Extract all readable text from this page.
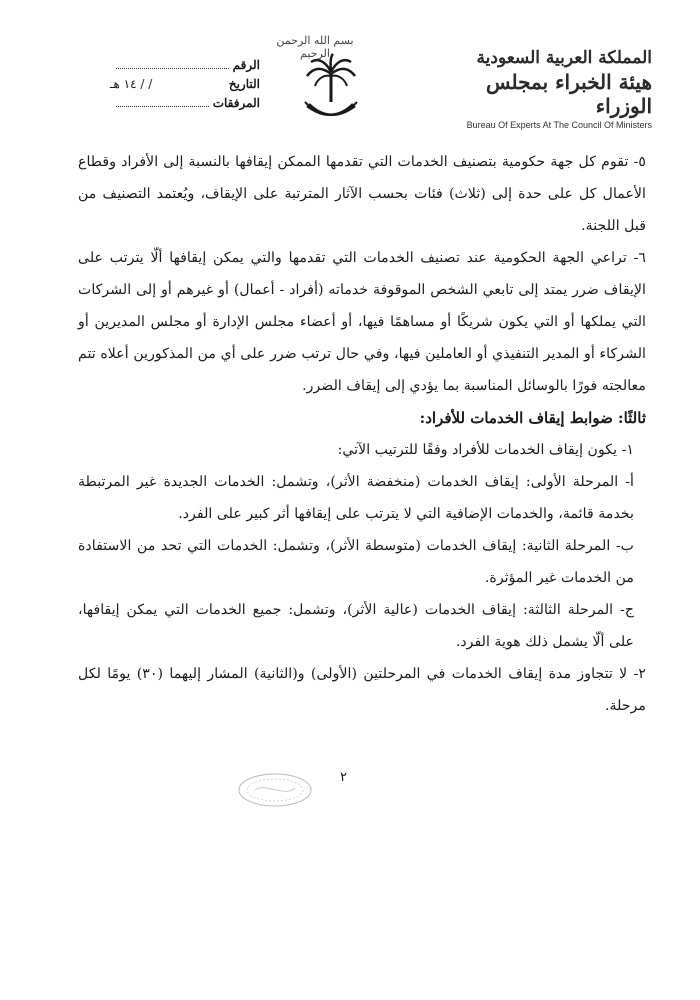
بسم الله الرحمن الرحيم	المملكة العربية السعودية
هيئة الخبراء بمجلس الوزراء
Bureau Of Experts At The Council Of Ministers
الرقم
التاريخ
/ / ١٤ هـ
المرفقات

٥- تقوم كل جهة حكومية بتصنيف الخدمات التي تقدمها الممكن إيقافها بالنسبة إلى الأفراد وقطاع الأعمال كل على حدة إلى (ثلاث) فئات بحسب الآثار المترتبة على الإيقاف، ويُعتمد التصنيف من قبل اللجنة.

٦- تراعي الجهة الحكومية عند تصنيف الخدمات التي تقدمها والتي يمكن إيقافها ألّا يترتب على الإيقاف ضرر يمتد إلى تابعي الشخص الموقوفة خدماته (أفراد - أعمال) أو غيرهم أو إلى الشركات التي يملكها أو التي يكون شريكًا أو مساهمًا فيها، أو أعضاء مجلس الإدارة أو مجلس المديرين أو الشركاء أو المدير التنفيذي أو العاملين فيها، وفي حال ترتب ضرر على أي من المذكورين أعلاه تتم معالجته فورًا بالوسائل المناسبة بما يؤدي إلى إيقاف الضرر.

ثالثًا: ضوابط إيقاف الخدمات للأفراد:

١- يكون إيقاف الخدمات للأفراد وفقًا للترتيب الآتي:

أ- المرحلة الأولى: إيقاف الخدمات (منخفضة الأثر)، وتشمل: الخدمات الجديدة غير المرتبطة بخدمة قائمة، والخدمات الإضافية التي لا يترتب على إيقافها أثر كبير على الفرد.

ب- المرحلة الثانية: إيقاف الخدمات (متوسطة الأثر)، وتشمل: الخدمات التي تحد من الاستفادة من الخدمات غير المؤثرة.

ج- المرحلة الثالثة: إيقاف الخدمات (عالية الأثر)، وتشمل: جميع الخدمات التي يمكن إيقافها، على ألّا يشمل ذلك هوية الفرد.

٢- لا تتجاوز مدة إيقاف الخدمات في المرحلتين (الأولى) و(الثانية) المشار إليهما (٣٠) يومًا لكل مرحلة.

٢
